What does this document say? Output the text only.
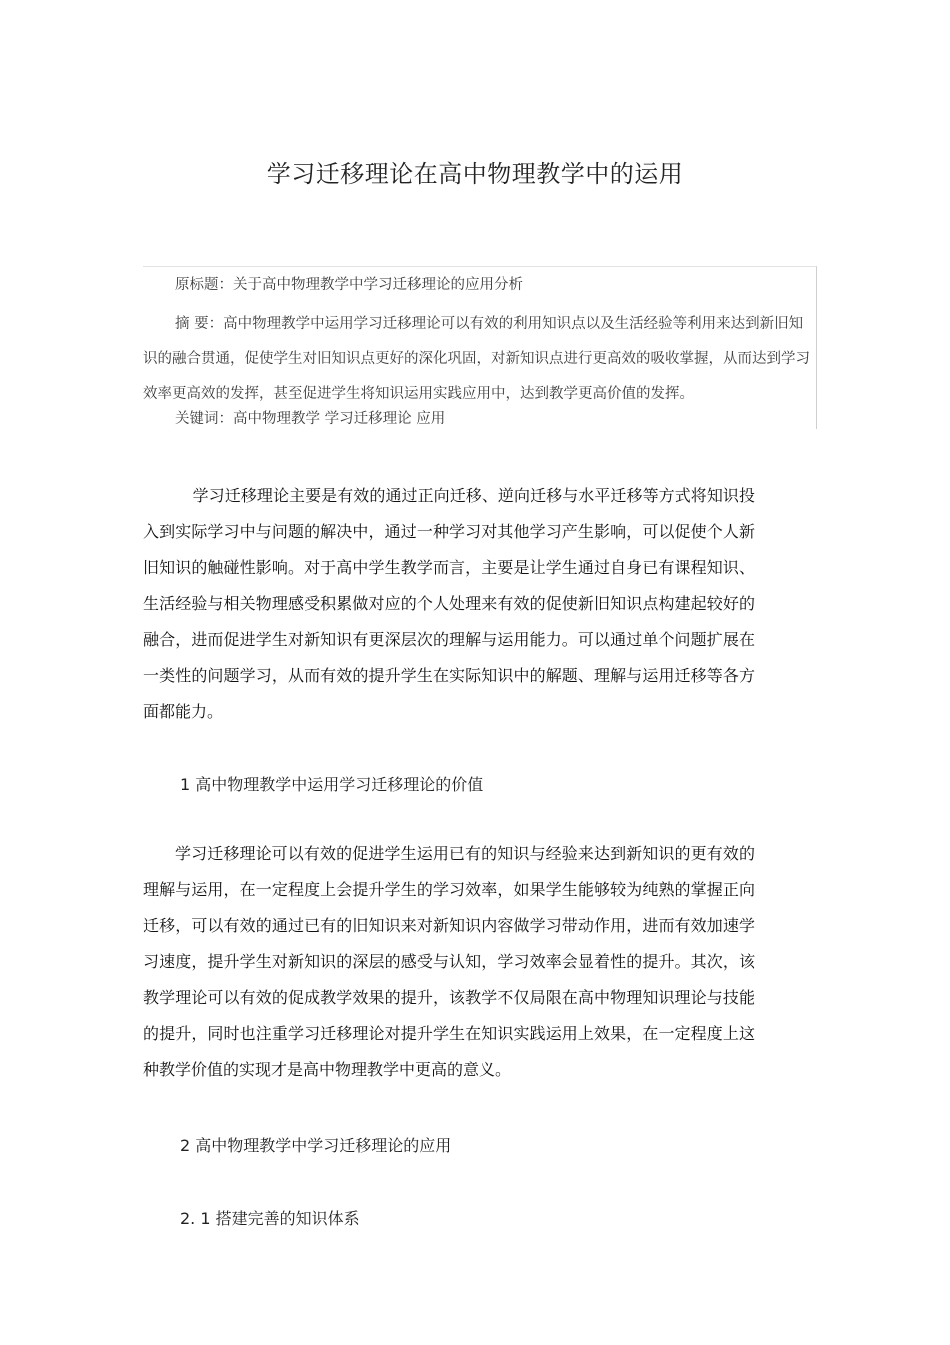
学习迁移理论在高中物理教学中的运用
原标题：关于高中物理教学中学习迁移理论的应用分析
摘 要：高中物理教学中运用学习迁移理论可以有效的利用知识点以及生活经验等利用来达到新旧知识的融合贯通，促使学生对旧知识点更好的深化巩固，对新知识点进行更高效的吸收掌握，从而达到学习效率更高效的发挥，甚至促进学生将知识运用实践应用中，达到教学更高价值的发挥。
关键词：高中物理教学 学习迁移理论 应用

学习迁移理论主要是有效的通过正向迁移、逆向迁移与水平迁移等方式将知识投入到实际学习中与问题的解决中，通过一种学习对其他学习产生影响，可以促使个人新旧知识的触碰性影响。对于高中学生教学而言，主要是让学生通过自身已有课程知识、生活经验与相关物理感受积累做对应的个人处理来有效的促使新旧知识点构建起较好的融合，进而促进学生对新知识有更深层次的理解与运用能力。可以通过单个问题扩展在一类性的问题学习，从而有效的提升学生在实际知识中的解题、理解与运用迁移等各方面都能力。

1 高中物理教学中运用学习迁移理论的价值

学习迁移理论可以有效的促进学生运用已有的知识与经验来达到新知识的更有效的理解与运用，在一定程度上会提升学生的学习效率，如果学生能够较为纯熟的掌握正向迁移，可以有效的通过已有的旧知识来对新知识内容做学习带动作用，进而有效加速学习速度，提升学生对新知识的深层的感受与认知，学习效率会显着性的提升。其次，该教学理论可以有效的促成教学效果的提升，该教学不仅局限在高中物理知识理论与技能的提升，同时也注重学习迁移理论对提升学生在知识实践运用上效果，在一定程度上这种教学价值的实现才是高中物理教学中更高的意义。

2 高中物理教学中学习迁移理论的应用

2. 1 搭建完善的知识体系
